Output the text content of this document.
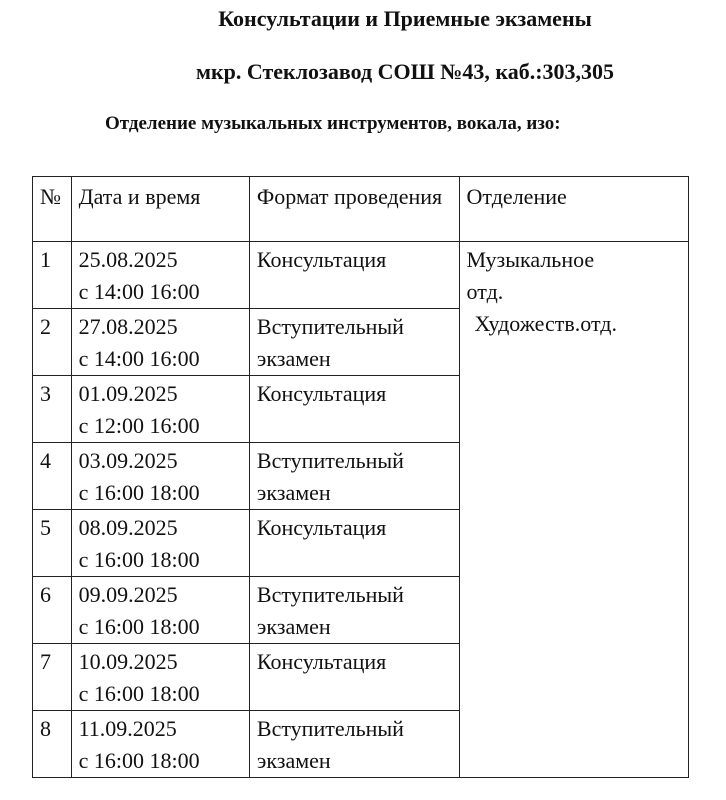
Консультации и Приемные экзамены
мкр. Стеклозавод СОШ №43, каб.:303,305
Отделение музыкальных инструментов, вокала, изо:
№	Дата и время	Формат проведения	Отделение
1	25.08.2025
с 14:00 16:00	Консультация	Музыкальное
отд.
Художеств.отд.

2	27.08.2025
с 14:00 16:00	Вступительный экзамен	
3	01.09.2025
с 12:00 16:00	Консультация	
4	03.09.2025
с 16:00 18:00	Вступительный экзамен	
5	08.09.2025
с 16:00 18:00	Консультация	
6	09.09.2025
с 16:00 18:00	Вступительный экзамен	
7	10.09.2025
с 16:00 18:00	Консультация	
8	11.09.2025
с 16:00 18:00	Вступительный экзамен	
